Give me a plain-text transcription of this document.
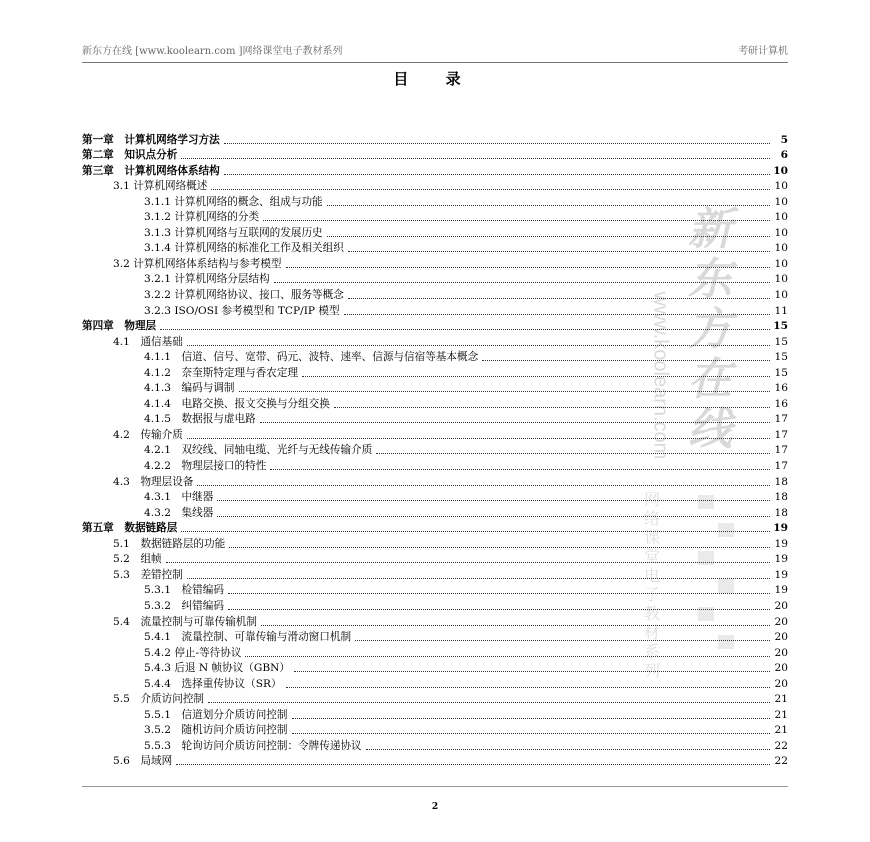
新东方在线 [www.koolearn.com ]网络课堂电子教材系列	考研计算机
目 录
新东方在线
www.koolearn.com
网络课堂电子教材系列
第一章　计算机网络学习方法	5
第二章　知识点分析	6
第三章　计算机网络体系结构	10
3.1 计算机网络概述	10
3.1.1 计算机网络的概念、组成与功能	10
3.1.2 计算机网络的分类	10
3.1.3 计算机网络与互联网的发展历史	10
3.1.4 计算机网络的标准化工作及相关组织	10
3.2 计算机网络体系结构与参考模型	10
3.2.1 计算机网络分层结构	10
3.2.2 计算机网络协议、接口、服务等概念	10
3.2.3 ISO/OSI 参考模型和 TCP/IP 模型	11
第四章　物理层	15
4.1　通信基础	15
4.1.1　信道、信号、宽带、码元、波特、速率、信源与信宿等基本概念	15
4.1.2　奈奎斯特定理与香农定理	15
4.1.3　编码与调制	16
4.1.4　电路交换、报文交换与分组交换	16
4.1.5　数据报与虚电路	17
4.2　传输介质	17
4.2.1　双绞线、同轴电缆、光纤与无线传输介质	17
4.2.2　物理层接口的特性	17
4.3　物理层设备	18
4.3.1　中继器	18
4.3.2　集线器	18
第五章　数据链路层	19
5.1　数据链路层的功能	19
5.2　组帧	19
5.3　差错控制	19
5.3.1　检错编码	19
5.3.2　纠错编码	20
5.4　流量控制与可靠传输机制	20
5.4.1　流量控制、可靠传输与滑动窗口机制	20
5.4.2 停止-等待协议	20
5.4.3 后退 N 帧协议（GBN）	20
5.4.4　选择重传协议（SR）	20
5.5　介质访问控制	21
5.5.1　信道划分介质访问控制	21
3.5.2　随机访问介质访问控制	21
5.5.3　轮询访问介质访问控制：令牌传递协议	22
5.6　局域网	22
2
